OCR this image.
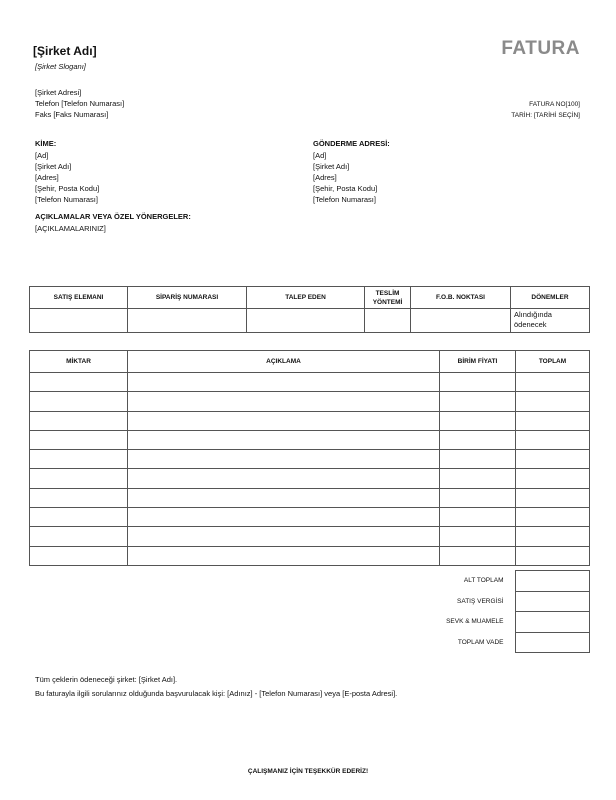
[Şirket Adı]
[Şirket Sloganı]
[Şirket Adresi]
Telefon [Telefon Numarası]
Faks [Faks Numarası]
FATURA
FATURA NO[100]
TARİH: [TARİHİ SEÇİN]
KİME:
[Ad]
[Şirket Adı]
[Adres]
[Şehir, Posta Kodu]
[Telefon Numarası]
GÖNDERME ADRESİ:
[Ad]
[Şirket Adı]
[Adres]
[Şehir, Posta Kodu]
[Telefon Numarası]
AÇIKLAMALAR VEYA ÖZEL YÖNERGELER:
[AÇIKLAMALARINIZ]
SATIŞ ELEMANI	SİPARİŞ NUMARASI	TALEP EDEN	TESLİM YÖNTEMİ	F.O.B. NOKTASI	DÖNEMLER
					Alındığında ödenecek
MİKTAR	AÇIKLAMA	BİRİM FİYATI	TOPLAM

ALT TOPLAM	
SATIŞ VERGİSİ	
SEVK & MUAMELE	
TOPLAM VADE	
Tüm çeklerin ödeneceği şirket: [Şirket Adı].
Bu faturayla ilgili sorularınız olduğunda başvurulacak kişi: [Adınız] - [Telefon Numarası] veya [E-posta Adresi].
ÇALIŞMANIZ İÇİN TEŞEKKÜR EDERİZ!
